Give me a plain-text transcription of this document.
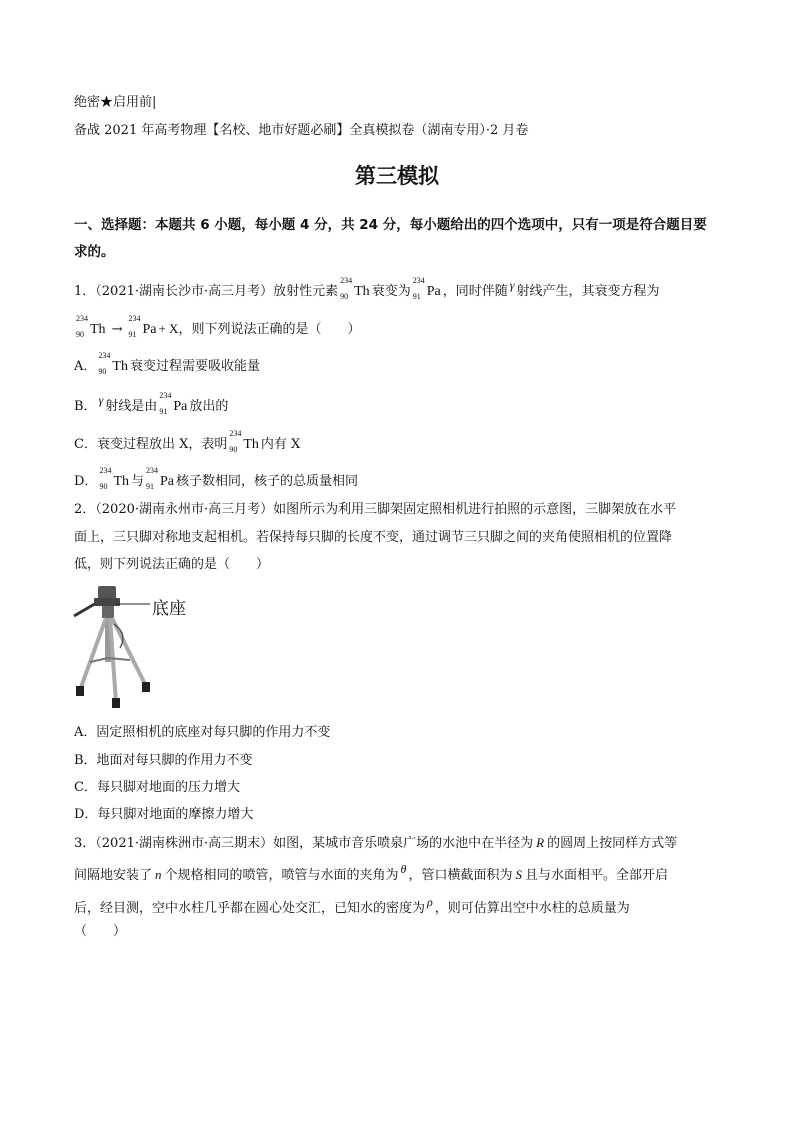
绝密★启用前|
备战 2021 年高考物理【名校、地市好题必刷】全真模拟卷（湖南专用）·2 月卷
第三模拟
一、选择题：本题共 6 小题，每小题 4 分，共 24 分，每小题给出的四个选项中，只有一项是符合题目要
求的。
1．（2021·湖南长沙市·高三月考）放射性元素
234
90 Th 衰变为
234
91 Pa ，同时伴随 γ 射线产生，其衰变方程为
234
90 Th →
234
91 Pa + X，则下列说法正确的是（　　）
A．
234
90 Th 衰变过程需要吸收能量
B． γ 射线是由
234
91 Pa 放出的
C．衰变过程放出 X，表明
234
90 Th 内有 X
D．
234
90 Th 与
234
91 Pa 核子数相同，核子的总质量相同
2．（2020·湖南永州市·高三月考）如图所示为利用三脚架固定照相机进行拍照的示意图，三脚架放在水平
面上，三只脚对称地支起相机。若保持每只脚的长度不变，通过调节三只脚之间的夹角使照相机的位置降
低，则下列说法正确的是（　　）
底座
A．固定照相机的底座对每只脚的作用力不变
B．地面对每只脚的作用力不变
C．每只脚对地面的压力增大
D．每只脚对地面的摩擦力增大
3．（2021·湖南株洲市·高三期末）如图，某城市音乐喷泉广场的水池中在半径为 R 的圆周上按同样方式等
间隔地安装了 n 个规格相同的喷管，喷管与水面的夹角为 θ ，管口横截面积为 S 且与水面相平。全部开启
后，经目测，空中水柱几乎都在圆心处交汇，已知水的密度为 ρ ，则可估算出空中水柱的总质量为
（　　）
